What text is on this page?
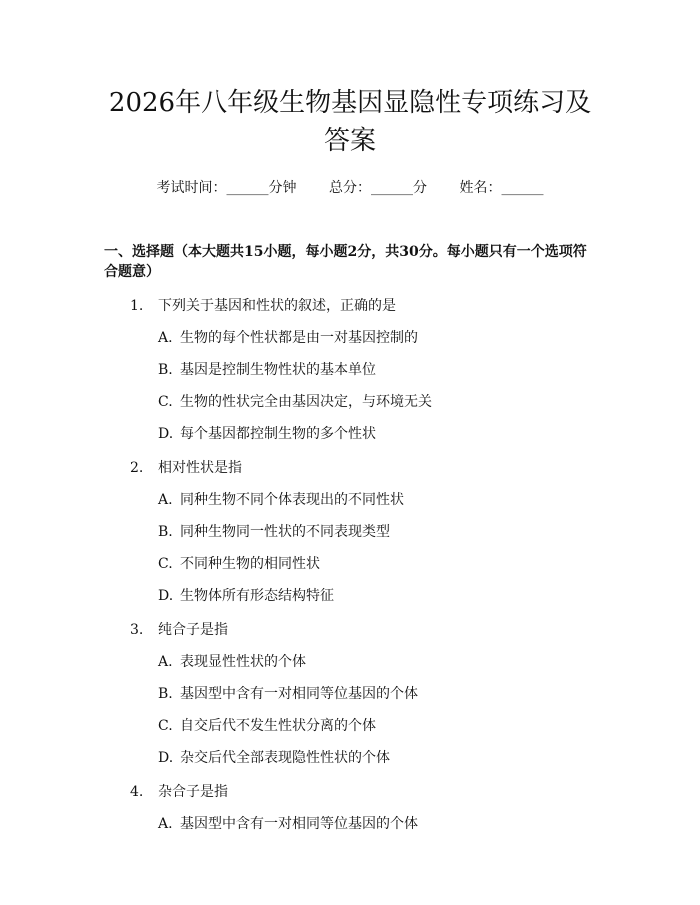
2026年八年级生物基因显隐性专项练习及答案
考试时间：______分钟 总分：______分 姓名：______
一、选择题（本大题共15小题，每小题2分，共30分。每小题只有一个选项符合题意）
1.	下列关于基因和性状的叙述，正确的是
A. 生物的每个性状都是由一对基因控制的
B. 基因是控制生物性状的基本单位
C. 生物的性状完全由基因决定，与环境无关
D. 每个基因都控制生物的多个性状
2.	相对性状是指
A. 同种生物不同个体表现出的不同性状
B. 同种生物同一性状的不同表现类型
C. 不同种生物的相同性状
D. 生物体所有形态结构特征
3.	纯合子是指
A. 表现显性性状的个体
B. 基因型中含有一对相同等位基因的个体
C. 自交后代不发生性状分离的个体
D. 杂交后代全部表现隐性性状的个体
4.	杂合子是指
A. 基因型中含有一对相同等位基因的个体
